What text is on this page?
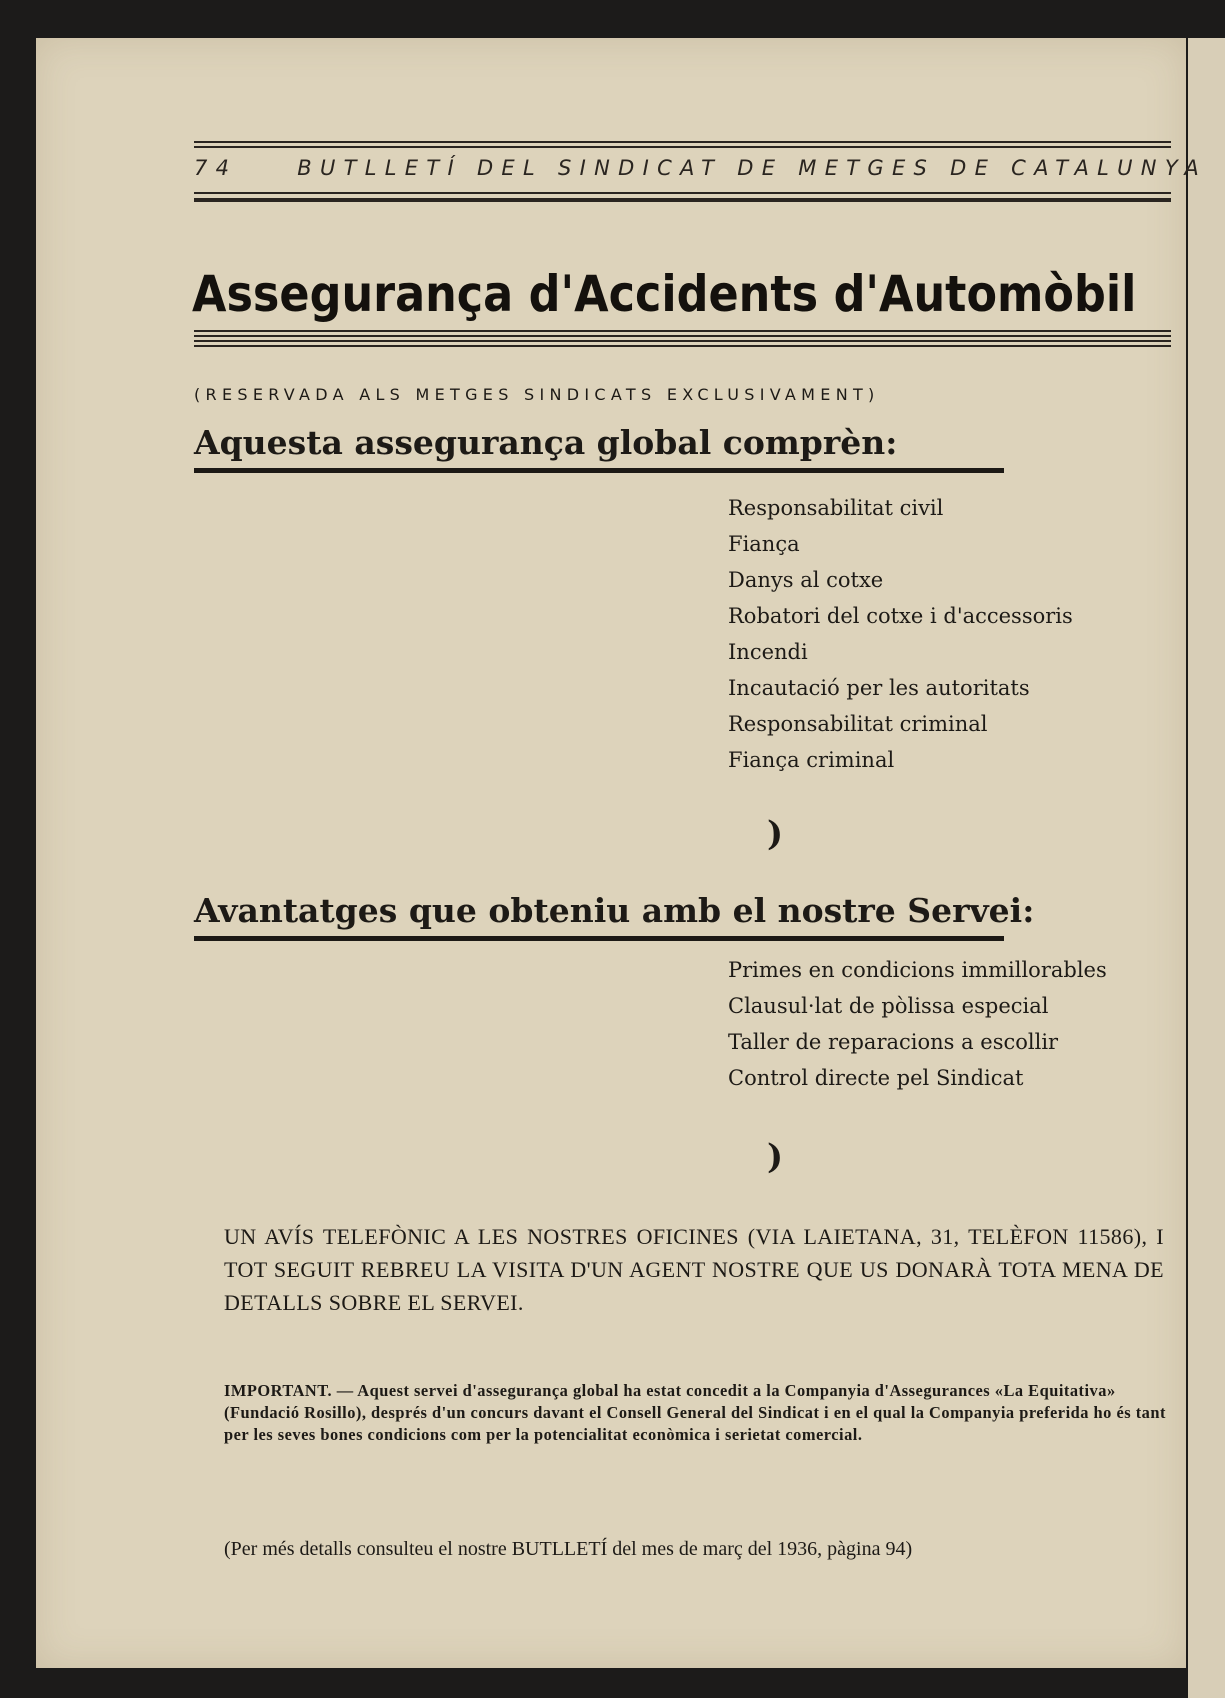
74	BUTLLETÍ DEL SINDICAT DE METGES DE CATALUNYA
Assegurança d'Accidents d'Automòbil
(RESERVADA ALS METGES SINDICATS EXCLUSIVAMENT)
Aquesta assegurança global comprèn:
Responsabilitat civil
Fiança
Danys al cotxe
Robatori del cotxe i d'accessoris
Incendi
Incautació per les autoritats
Responsabilitat criminal
Fiança criminal
)
Avantatges que obteniu amb el nostre Servei:
Primes en condicions immillorables
Clausul·lat de pòlissa especial
Taller de reparacions a escollir
Control directe pel Sindicat
)
UN AVÍS TELEFÒNIC A LES NOSTRES OFICINES (VIA LAIETANA, 31, TELÈFON 11586), I TOT SEGUIT REBREU LA VISITA D'UN AGENT NOSTRE QUE US DONARÀ TOTA MENA DE DETALLS SOBRE EL SERVEI.
IMPORTANT. — Aquest servei d'assegurança global ha estat concedit a la Companyia d'Assegurances «La Equitativa» (Fundació Rosillo), després d'un concurs davant el Consell General del Sindicat i en el qual la Companyia preferida ho és tant per les seves bones condicions com per la potencialitat econòmica i serietat comercial.
(Per més detalls consulteu el nostre BUTLLETÍ del mes de març del 1936, pàgina 94)
